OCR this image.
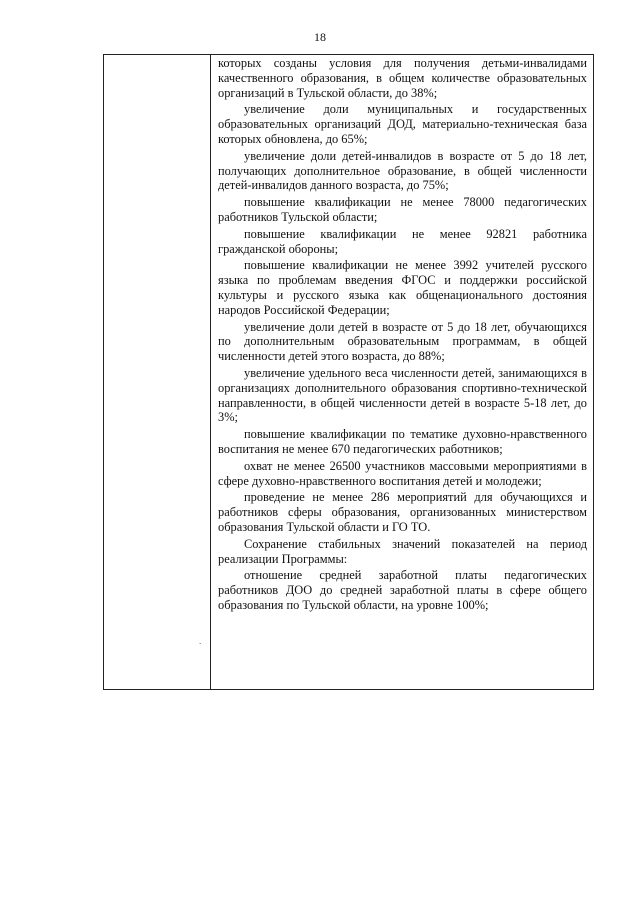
18
.

которых созданы условия для получения детьми-инвалидами качественного образования, в общем количестве образовательных организаций в Тульской области, до 38%;

увеличение доли муниципальных и государственных образовательных организаций ДОД, материально-техническая база которых обновлена, до 65%;

увеличение доли детей-инвалидов в возрасте от 5 до 18 лет, получающих дополнительное образование, в общей численности детей-инвалидов данного возраста, до 75%;

повышение квалификации не менее 78000 педагогических работников Тульской области;

повышение квалификации не менее 92821 работника гражданской обороны;

повышение квалификации не менее 3992 учителей русского языка по проблемам введения ФГОС и поддержки российской культуры и русского языка как общенационального достояния народов Российской Федерации;

увеличение доли детей в возрасте от 5 до 18 лет, обучающихся по дополнительным образовательным программам, в общей численности детей этого возраста, до 88%;

увеличение удельного веса численности детей, занимающихся в организациях дополнительного образования спортивно-технической направленности, в общей численности детей в возрасте 5-18 лет, до 3%;

повышение квалификации по тематике духовно-нравственного воспитания не менее 670 педагогических работников;

охват не менее 26500 участников массовыми мероприятиями в сфере духовно-нравственного воспитания детей и молодежи;

проведение не менее 286 мероприятий для обучающихся и работников сферы образования, организованных министерством образования Тульской области и ГО ТО.

Сохранение стабильных значений показателей на период реализации Программы:

отношение средней заработной платы педагогических работников ДОО до средней заработной платы в сфере общего образования по Тульской области, на уровне 100%;
